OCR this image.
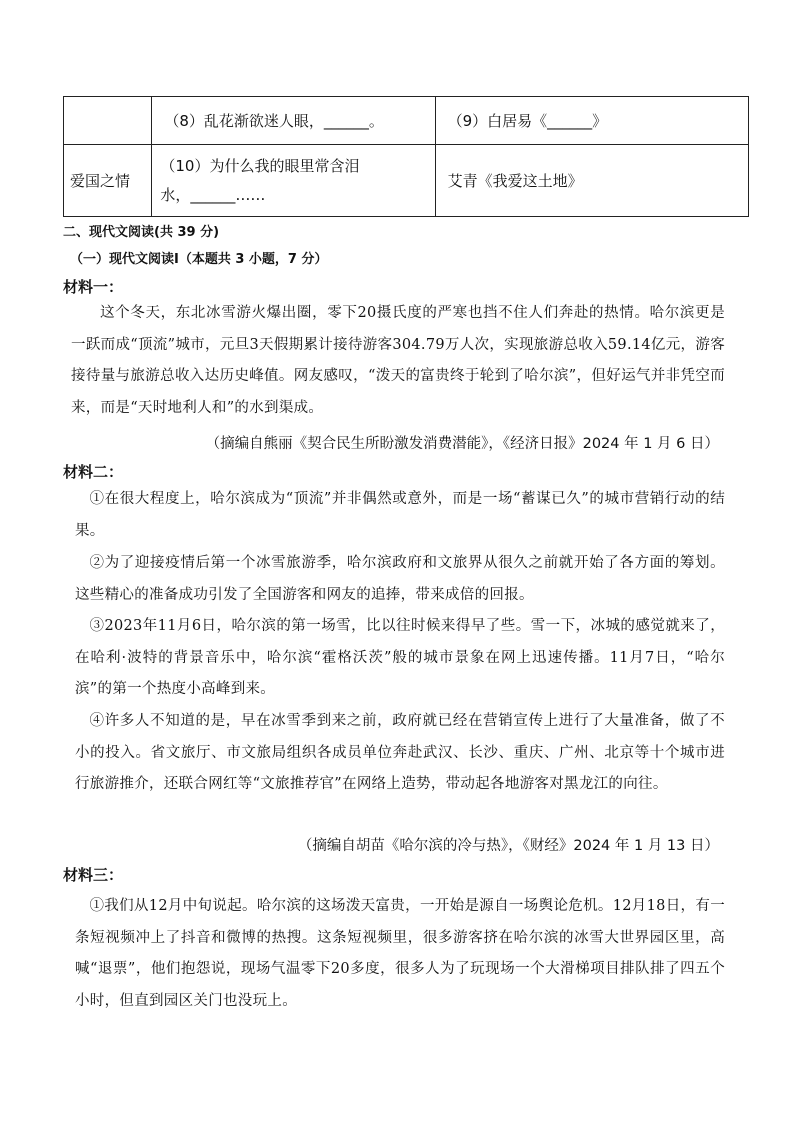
	（8）乱花渐欲迷人眼，______。	（9）白居易《______》
爱国之情	（10）为什么我的眼里常含泪
水，______……	艾青《我爱这土地》
二、现代文阅读(共 39 分)
（一）现代文阅读Ⅰ（本题共 3 小题，7 分）
材料一：
这个冬天，东北冰雪游火爆出圈，零下20摄氏度的严寒也挡不住人们奔赴的热情。哈尔滨更是一跃而成“顶流”城市，元旦3天假期累计接待游客304.79万人次，实现旅游总收入59.14亿元，游客接待量与旅游总收入达历史峰值。网友感叹，“泼天的富贵终于轮到了哈尔滨”，但好运气并非凭空而来，而是“天时地利人和”的水到渠成。
（摘编自熊丽《契合民生所盼激发消费潜能》，《经济日报》2024 年 1 月 6 日）
材料二：
①在很大程度上，哈尔滨成为“顶流”并非偶然或意外，而是一场“蓄谋已久”的城市营销行动的结果。
②为了迎接疫情后第一个冰雪旅游季，哈尔滨政府和文旅界从很久之前就开始了各方面的筹划。这些精心的准备成功引发了全国游客和网友的追捧，带来成倍的回报。
③2023年11月6日，哈尔滨的第一场雪，比以往时候来得早了些。雪一下，冰城的感觉就来了，在哈利·波特的背景音乐中，哈尔滨“霍格沃茨”般的城市景象在网上迅速传播。11月7日，“哈尔滨”的第一个热度小高峰到来。
④许多人不知道的是，早在冰雪季到来之前，政府就已经在营销宣传上进行了大量准备，做了不小的投入。省文旅厅、市文旅局组织各成员单位奔赴武汉、长沙、重庆、广州、北京等十个城市进行旅游推介，还联合网红等“文旅推荐官”在网络上造势，带动起各地游客对黑龙江的向往。
（摘编自胡苗《哈尔滨的冷与热》，《财经》2024 年 1 月 13 日）
材料三：
①我们从12月中旬说起。哈尔滨的这场泼天富贵，一开始是源自一场舆论危机。12月18日，有一条短视频冲上了抖音和微博的热搜。这条短视频里，很多游客挤在哈尔滨的冰雪大世界园区里，高喊“退票”，他们抱怨说，现场气温零下20多度，很多人为了玩现场一个大滑梯项目排队排了四五个小时，但直到园区关门也没玩上。
